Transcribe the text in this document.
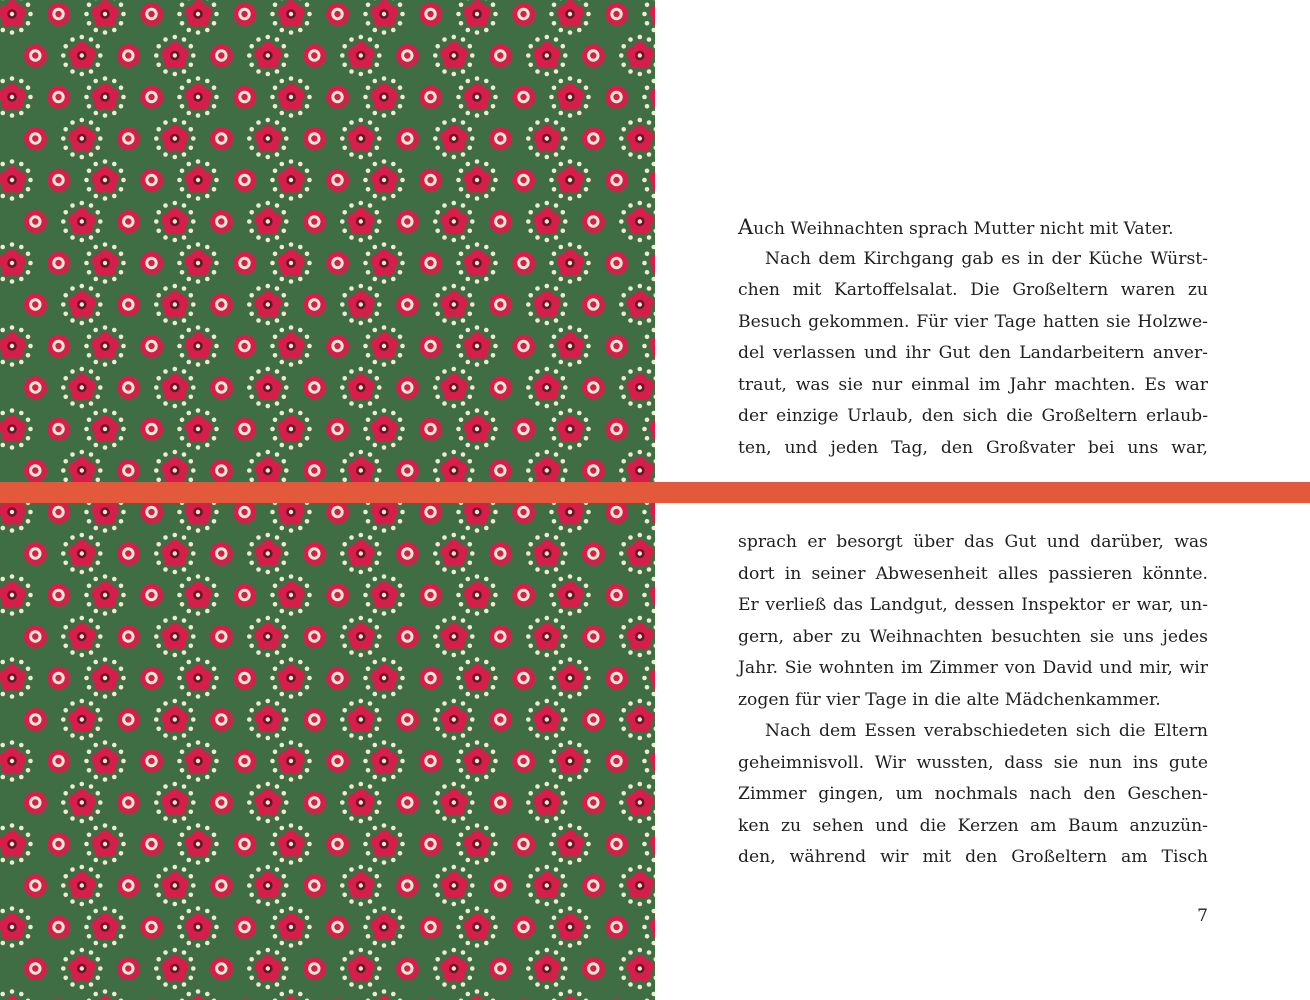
Auch Weihnachten sprach Mutter nicht mit Vater.
Nach dem Kirchgang gab es in der Küche Würst-
chen mit Kartoffelsalat. Die Großeltern waren zu
Besuch gekommen. Für vier Tage hatten sie Holzwe-
del verlassen und ihr Gut den Landarbeitern anver-
traut, was sie nur einmal im Jahr machten. Es war
der einzige Urlaub, den sich die Großeltern erlaub-
ten, und jeden Tag, den Großvater bei uns war,
sprach er besorgt über das Gut und darüber, was
dort in seiner Abwesenheit alles passieren könnte.
Er verließ das Landgut, dessen Inspektor er war, un-
gern, aber zu Weihnachten besuchten sie uns jedes
Jahr. Sie wohnten im Zimmer von David und mir, wir
zogen für vier Tage in die alte Mädchenkammer.
Nach dem Essen verabschiedeten sich die Eltern
geheimnisvoll. Wir wussten, dass sie nun ins gute
Zimmer gingen, um nochmals nach den Geschen-
ken zu sehen und die Kerzen am Baum anzuzün-
den, während wir mit den Großeltern am Tisch
7
